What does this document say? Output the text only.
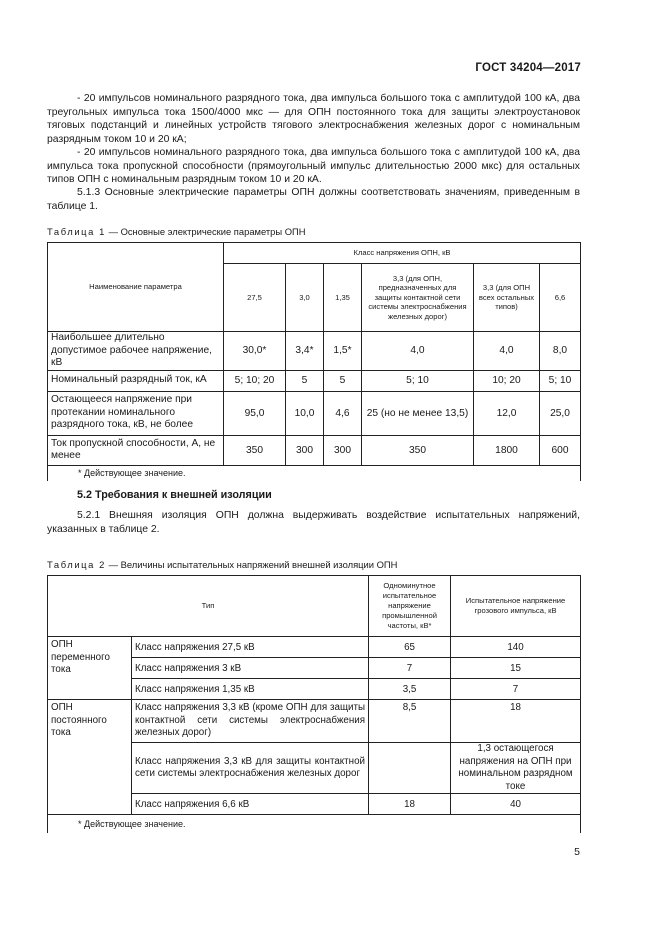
ГОСТ 34204—2017

- 20 импульсов номинального разрядного тока, два импульса большого тока с амплитудой 100 кА, два треугольных импульса тока 1500/4000 мкс — для ОПН постоянного тока для защиты электроустановок тяговых подстанций и линейных устройств тягового электроснабжения железных дорог с номинальным разрядным током 10 и 20 кА;

- 20 импульсов номинального разрядного тока, два импульса большого тока с амплитудой 100 кА, два импульса тока пропускной способности (прямоугольный импульс длительностью 2000 мкс) для остальных типов ОПН с номинальным разрядным током 10 и 20 кА.

5.1.3 Основные электрические параметры ОПН должны соответствовать значениям, приведенным в таблице 1.

Таблица 1 — Основные электрические параметры ОПН
Наименование параметра	Класс напряжения ОПН, кВ					
	27,5	3,0	1,35	3,3 (для ОПН, предназначенных для защиты контактной сети системы электроснабжения железных дорог)	3,3 (для ОПН всех остальных типов)	6,6
Наибольшее длительно допустимое рабочее напряжение, кВ	30,0*	3,4*	1,5*	4,0	4,0	8,0
Номинальный разрядный ток, кА	5; 10; 20	5	5	5; 10	10; 20	5; 10
Остающееся напряжение при протекании номинального разрядного тока, кВ, не более	95,0	10,0	4,6	25 (но не менее 13,5)	12,0	25,0
Ток пропускной способности, А, не менее	350	300	300	350	1800	600
* Действующее значение.						
5.2 Требования к внешней изоляции

5.2.1 Внешняя изоляция ОПН должна выдерживать воздействие испытательных напряжений, указанных в таблице 2.

Таблица 2 — Величины испытательных напряжений внешней изоляции ОПН
Тип		Одноминутное испытательное напряжение промышленной частоты, кВ*	Испытательное напряжение грозового импульса, кВ
ОПН переменного тока	Класс напряжения 27,5 кВ	65	140
	Класс напряжения 3 кВ	7	15
	Класс напряжения 1,35 кВ	3,5	7
ОПН постоянного тока	Класс напряжения 3,3 кВ (кроме ОПН для защиты контактной сети системы электроснабжения железных дорог)	8,5	18
	Класс напряжения 3,3 кВ для защиты контактной сети системы электроснабжения железных дорог		1,3 остающегося напряжения на ОПН при номинальном разрядном токе
	Класс напряжения 6,6 кВ	18	40
* Действующее значение.			
5
